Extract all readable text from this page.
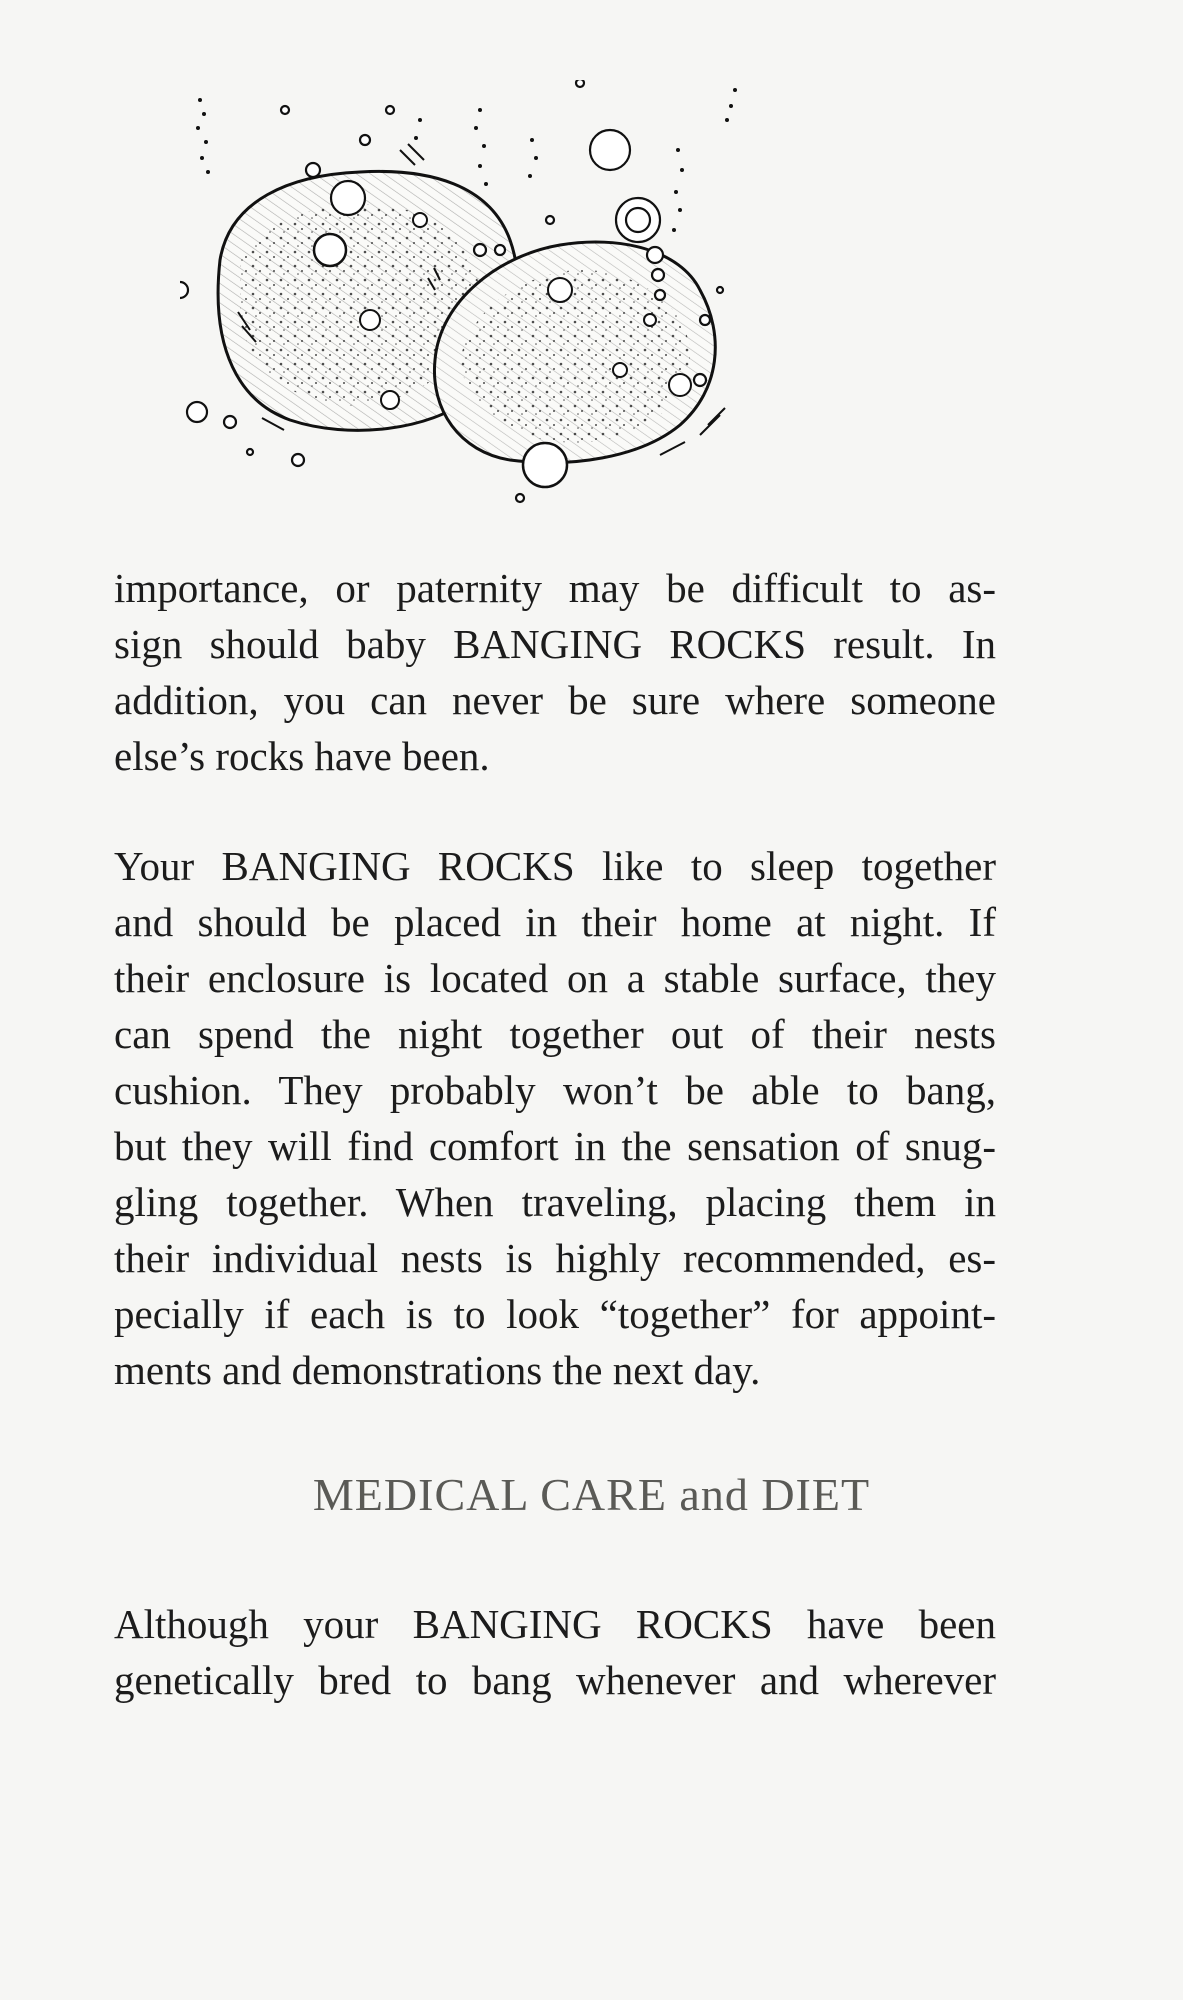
importance, or paternity may be difficult to as-
sign should baby BANGING ROCKS result. In
addition, you can never be sure where someone
else’s rocks have been.
Your BANGING ROCKS like to sleep together
and should be placed in their home at night. If
their enclosure is located on a stable surface, they
can spend the night together out of their nests
cushion. They probably won’t be able to bang,
but they will find comfort in the sensation of snug-
gling together. When traveling, placing them in
their individual nests is highly recommended, es-
pecially if each is to look “together” for appoint-
ments and demonstrations the next day.
MEDICAL CARE and DIET
Although your BANGING ROCKS have been
genetically bred to bang whenever and wherever
